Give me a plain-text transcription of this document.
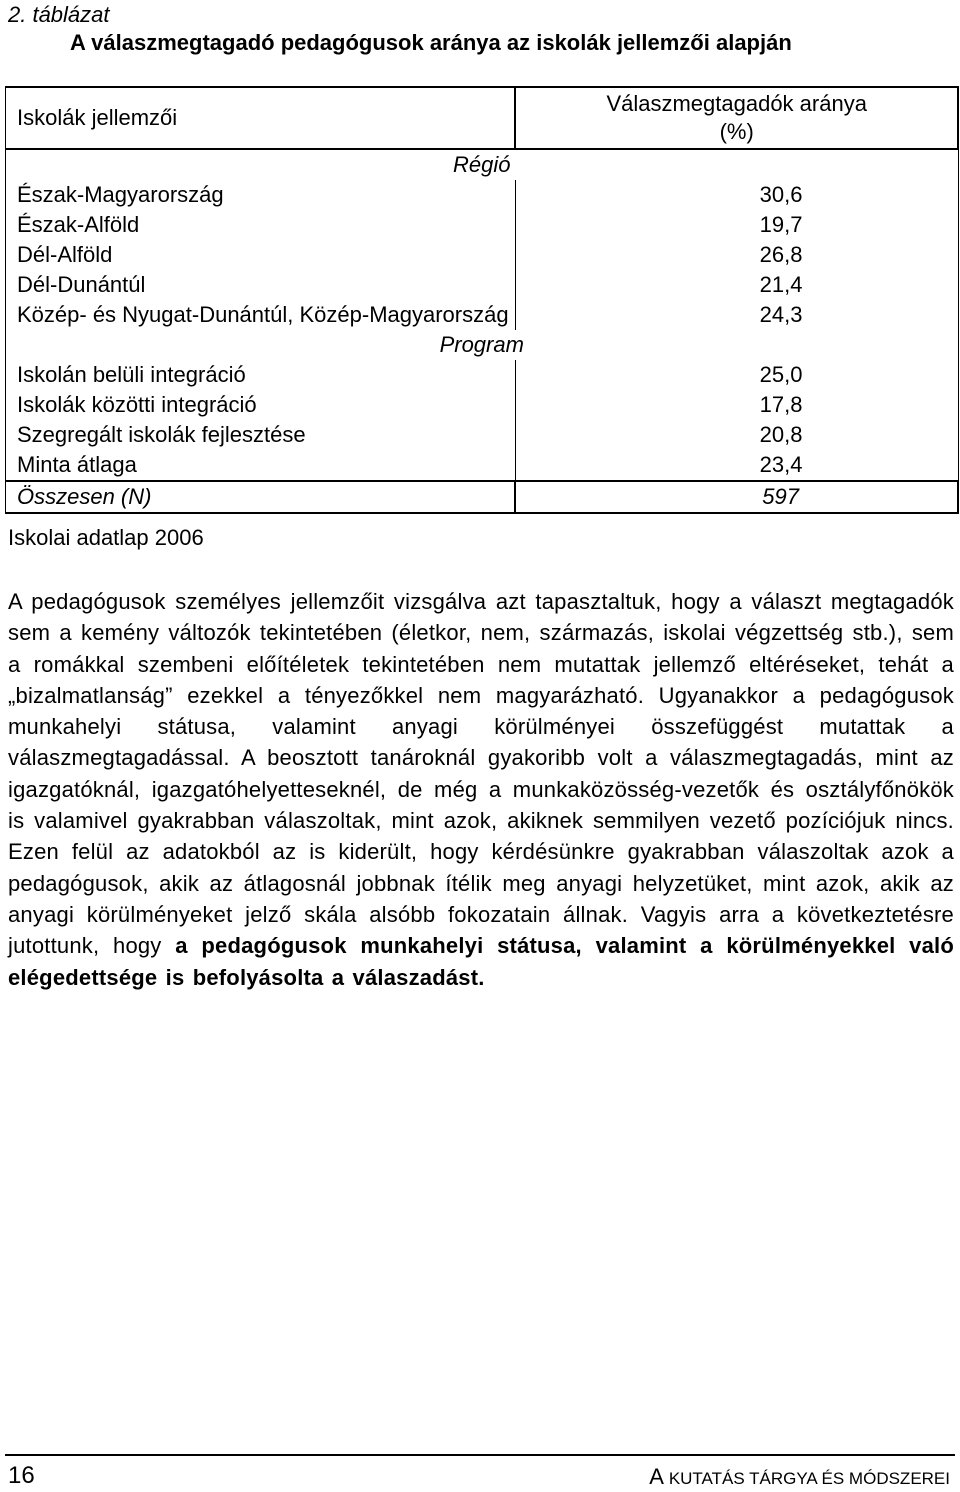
2. táblázat
A válaszmegtagadó pedagógusok aránya az iskolák jellemzői alapján
Iskolák jellemzői	Válaszmegtagadók aránya
(%)

Régió	
Észak-Magyarország	30,6
Észak-Alföld	19,7
Dél-Alföld	26,8
Dél-Dunántúl	21,4
Közép- és Nyugat-Dunántúl, Közép-Magyarország	24,3
Program	
Iskolán belüli integráció	25,0
Iskolák közötti integráció	17,8
Szegregált iskolák fejlesztése	20,8
Minta átlaga	23,4
Összesen (N)	597
Iskolai adatlap 2006

A pedagógusok személyes jellemzőit vizsgálva azt tapasztaltuk, hogy a választ megtagadók sem a kemény változók tekintetében (életkor, nem, származás, iskolai végzettség stb.), sem a romákkal szembeni előítéletek tekintetében nem mutattak jellemző eltéréseket, tehát a „bizalmatlanság” ezekkel a tényezőkkel nem magyarázható. Ugyanakkor a pedagógusok munkahelyi státusa, valamint anyagi körülményei összefüggést mutattak a válaszmegtagadással. A beosztott tanároknál gyakoribb volt a válaszmegtagadás, mint az igazgatóknál, igazgatóhelyetteseknél, de még a munkaközösség-vezetők és osztályfőnökök is valamivel gyakrabban válaszoltak, mint azok, akiknek semmilyen vezető pozíciójuk nincs. Ezen felül az adatokból az is kiderült, hogy kérdésünkre gyakrabban válaszoltak azok a pedagógusok, akik az átlagosnál jobbnak ítélik meg anyagi helyzetüket, mint azok, akik az anyagi körülményeket jelző skála alsóbb fokozatain állnak. Vagyis arra a következtetésre jutottunk, hogy a pedagógusok munkahelyi státusa, valamint a körülményekkel való elégedettsége is befolyásolta a válaszadást.

16	A KUTATÁS TÁRGYA ÉS MÓDSZEREI
